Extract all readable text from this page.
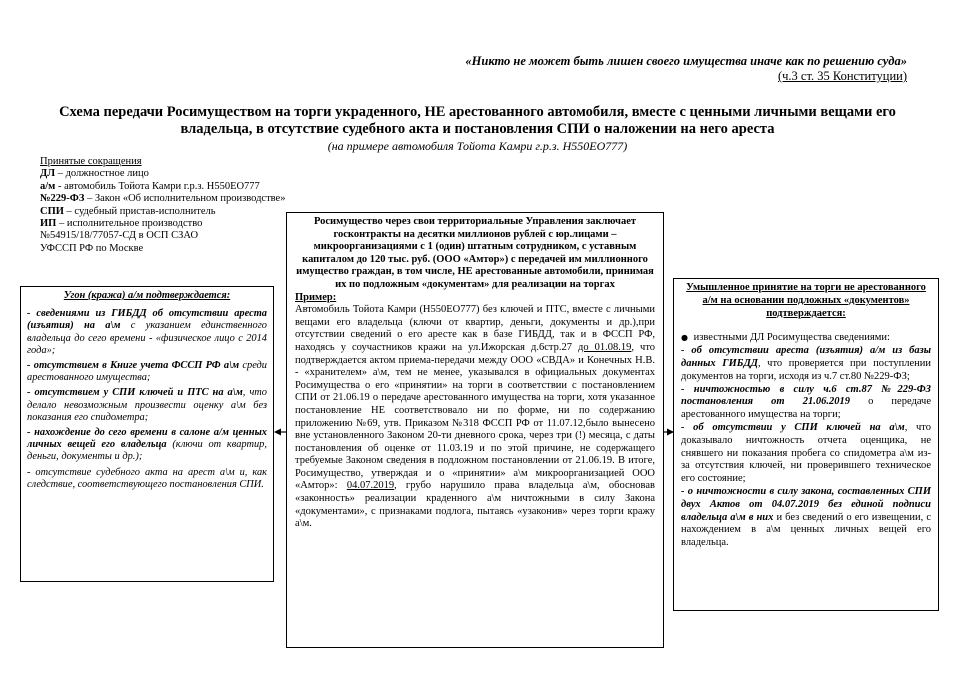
«Никто не может быть лишен своего имущества иначе как по решению суда»
(ч.3 ст. 35 Конституции)
Схема передачи Росимуществом на торги украденного, НЕ арестованного автомобиля, вместе с ценными личными вещами его владельца, в отсутствие судебного акта и постановления СПИ о наложении на него ареста
(на примере автомобиля Тойота Камри г.р.з. Н550ЕО777)
Принятые сокращения
ДЛ – должностное лицо
а/м - автомобиль Тойота Камри г.р.з. Н550ЕО777
№229-ФЗ – Закон «Об исполнительном производстве»
СПИ – судебный пристав-исполнитель
ИП – исполнительное производство
№54915/18/77057-СД в ОСП СЗАО
УФССП РФ по Москве
Угон (кража) а/м подтверждается:

- сведениями из ГИБДД об отсутствии ареста (изъятия) на а\м с указанием единственного владельца до сего времени - «физическое лицо с 2014 года»;

- отсутствием в Книге учета ФССП РФ а\м среди арестованного имущества;

- отсутствием у СПИ ключей и ПТС на а\м, что делало невозможным произвести оценку а\м без показания его спидометра;

- нахождение до сего времени в салоне а/м ценных личных вещей его владельца (ключи от квартир, деньги, документы и др.);

- отсутствие судебного акта на арест а\м и, как следствие, соответствующего постановления СПИ.

Росимущество через свои территориальные Управления заключает госконтракты на десятки миллионов рублей с юр.лицами – микроорганизациями с 1 (один) штатным сотрудником, с уставным капиталом до 120 тыс. руб. (ООО «Амтор») с передачей им миллионного имущество граждан, в том числе, НЕ арестованные автомобили, принимая их по подложным «документам» для реализации на торгах
Пример:

Автомобиль Тойота Камри (Н550ЕО777) без ключей и ПТС, вместе с личными вещами его владельца (ключи от квартир, деньги, документы и др.),при отсутствии сведений о его аресте как в базе ГИБДД, так и в ФССП РФ, находясь у соучастников кражи на ул.Ижорская д.6стр.27 до 01.08.19, что подтверждается актом приема-передачи между ООО «СВДА» и Конечных Н.В. - «хранителем» а\м, тем не менее, указывался в официальных документах Росимущества о его «принятии» на торги в соответствии с постановлением СПИ от 21.06.19 о передаче арестованного имущества на торги, хотя указанное постановление НЕ соответствовало ни по форме, ни по содержанию приложению №69, утв. Приказом №318 ФССП РФ от 11.07.12,было вынесено вне установленного Законом 20-ти дневного срока, через три (!) месяца, с даты постановления об оценке от 11.03.19 и по этой причине, не содержащего требуемые Законом сведения в подложном постановлении от 21.06.19. В итоге, Росимущество, утверждая и о «принятии» а\м микроорганизацией ООО «Амтор»: 04.07.2019, грубо нарушило права владельца а\м, обосновав «законность» реализации краденного а\м ничтожными в силу Закона «документами», с признаками подлога, пытаясь «узаконив» через торги кражу а\м.

Умышленное принятие на торги не арестованного а/м на основании подложных «документов» подтверждается:

● известными ДЛ Росимущества сведениями:

- об отсутствии ареста (изъятия) а/м из базы данных ГИБДД, что проверяется при поступлении документов на торги, исходя из ч.7 ст.80 №229-ФЗ;

- ничтожностью в силу ч.6 ст.87 №229-ФЗ постановления от 21.06.2019 о передаче арестованного имущества на торги;

- об отсутствии у СПИ ключей на а\м, что доказывало ничтожность отчета оценщика, не снявшего ни показания пробега со спидометра а\м из-за отсутствия ключей, ни проверившего техническое его состояние;

- о ничтожности в силу закона, составленных СПИ двух Актов от 04.07.2019 без единой подписи владельца а\м в них и без сведений о его извещении, с нахождением в а\м ценных личных вещей его владельца.
